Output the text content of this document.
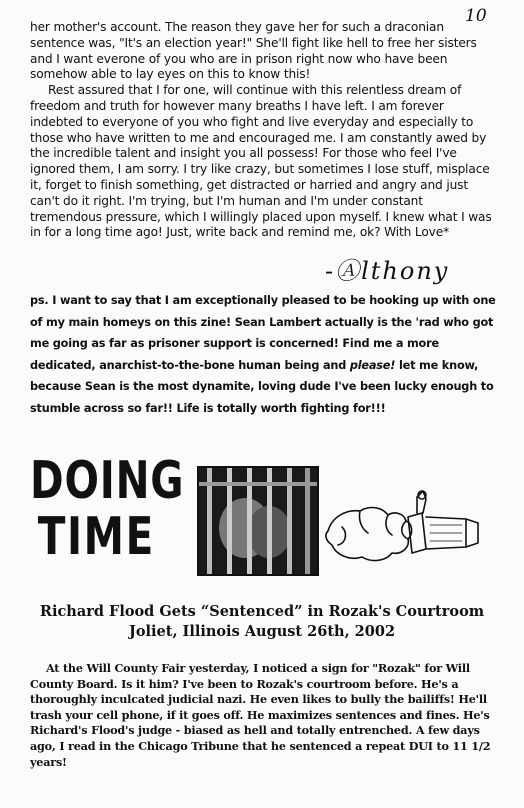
10

her mother's account. The reason they gave her for such a draconian sentence was, "It's an election year!" She'll fight like hell to free her sisters and I want everone of you who are in prison right now who have been somehow able to lay eyes on this to know this!

Rest assured that I for one, will continue with this relentless dream of freedom and truth for however many breaths I have left. I am forever indebted to everyone of you who fight and live everyday and especially to those who have written to me and encouraged me. I am constantly awed by the incredible talent and insight you all possess! For those who feel I've ignored them, I am sorry. I try like crazy, but sometimes I lose stuff, misplace it, forget to finish something, get distracted or harried and angry and just can't do it right. I'm trying, but I'm human and I'm under constant tremendous pressure, which I willingly placed upon myself. I knew what I was in for a long time ago! Just, write back and remind me, ok? With Love*

-Ⓐlthony
ps. I want to say that I am exceptionally pleased to be hooking up with one of my main homeys on this zine! Sean Lambert actually is the 'rad who got me going as far as prisoner support is concerned! Find me a more dedicated, anarchist-to-the-bone human being and please! let me know, because Sean is the most dynamite, loving dude I've been lucky enough to stumble across so far!! Life is totally worth fighting for!!!
DOING
TIME
Richard Flood Gets “Sentenced” in Rozak's Courtroom
Joliet, Illinois August 26th, 2002

At the Will County Fair yesterday, I noticed a sign for "Rozak" for Will County Board. Is it him? I've been to Rozak's courtroom before. He's a thoroughly inculcated judicial nazi. He even likes to bully the bailiffs! He'll trash your cell phone, if it goes off. He maximizes sentences and fines. He's Richard's Flood's judge - biased as hell and totally entrenched. A few days ago, I read in the Chicago Tribune that he sentenced a repeat DUI to 11 1/2 years!
